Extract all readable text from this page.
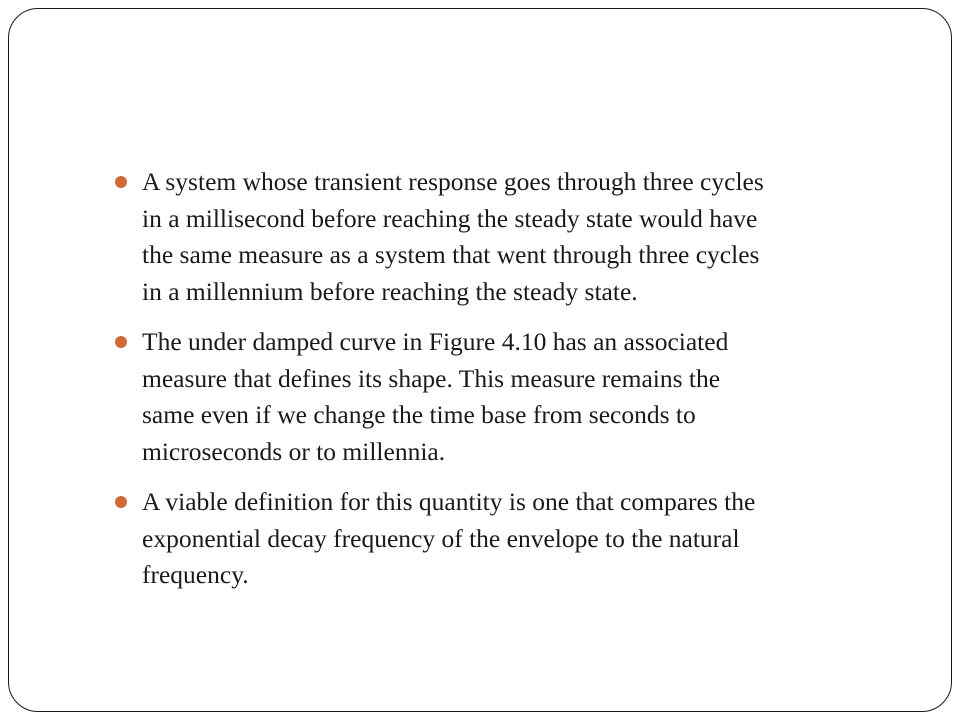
A system whose transient response goes through three cycles
in a millisecond before reaching the steady state would have
the same measure as a system that went through three cycles
in a millennium before reaching the steady state.
The under damped curve in Figure 4.10 has an associated
measure that defines its shape. This measure remains the
same even if we change the time base from seconds to
microseconds or to millennia.
A viable definition for this quantity is one that compares the
exponential decay frequency of the envelope to the natural
frequency.
